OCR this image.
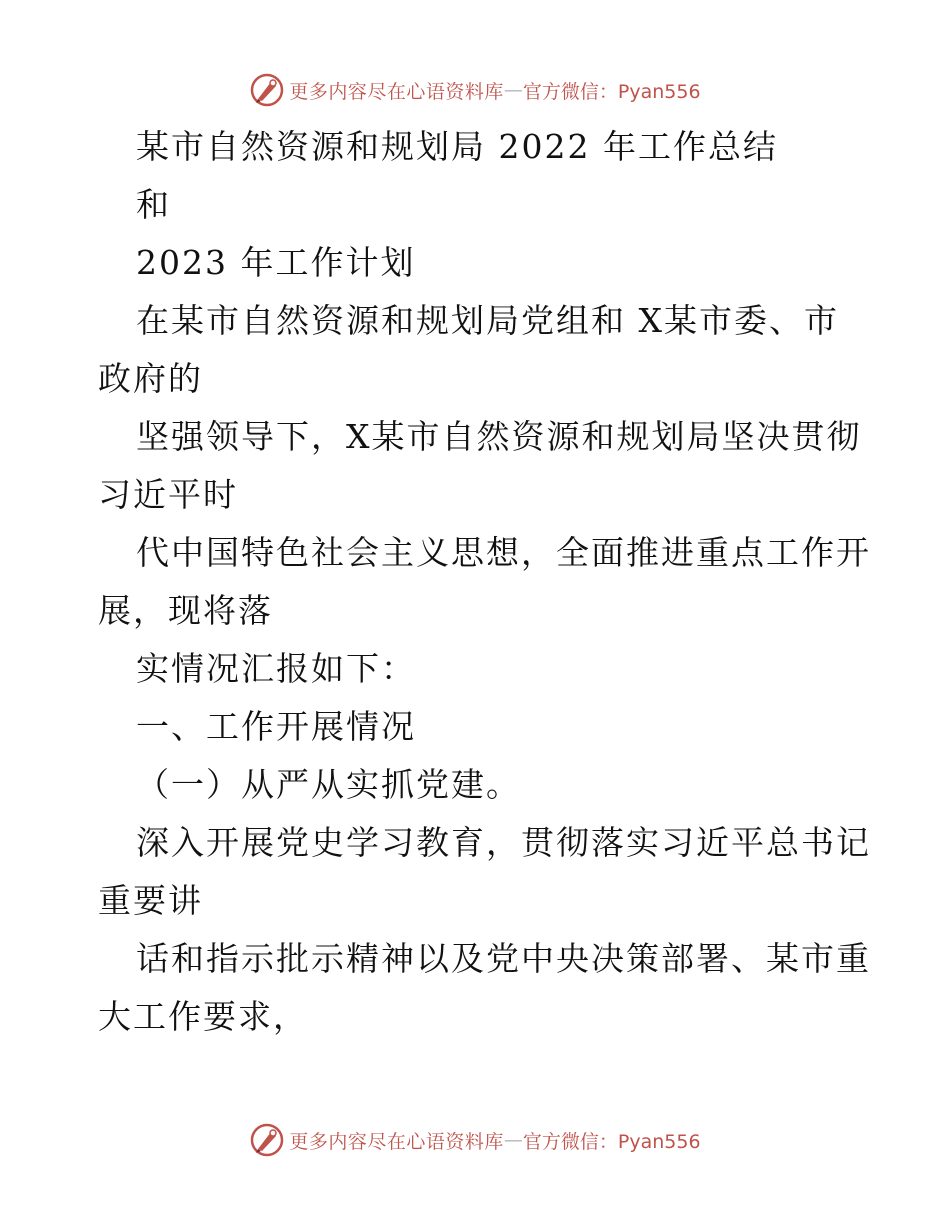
更多内容尽在心语资料库 — 官方微信：Pyan556
某市自然资源和规划局 2022 年工作总结
和
2023 年工作计划
在某市自然资源和规划局党组和 X某市委、市
政府的
坚强领导下，X某市自然资源和规划局坚决贯彻
习近平时
代中国特色社会主义思想，全面推进重点工作开
展，现将落
实情况汇报如下：
一、工作开展情况
（一）从严从实抓党建。
深入开展党史学习教育，贯彻落实习近平总书记
重要讲
话和指示批示精神以及党中央决策部署、某市重
大工作要求，
更多内容尽在心语资料库 — 官方微信：Pyan556
